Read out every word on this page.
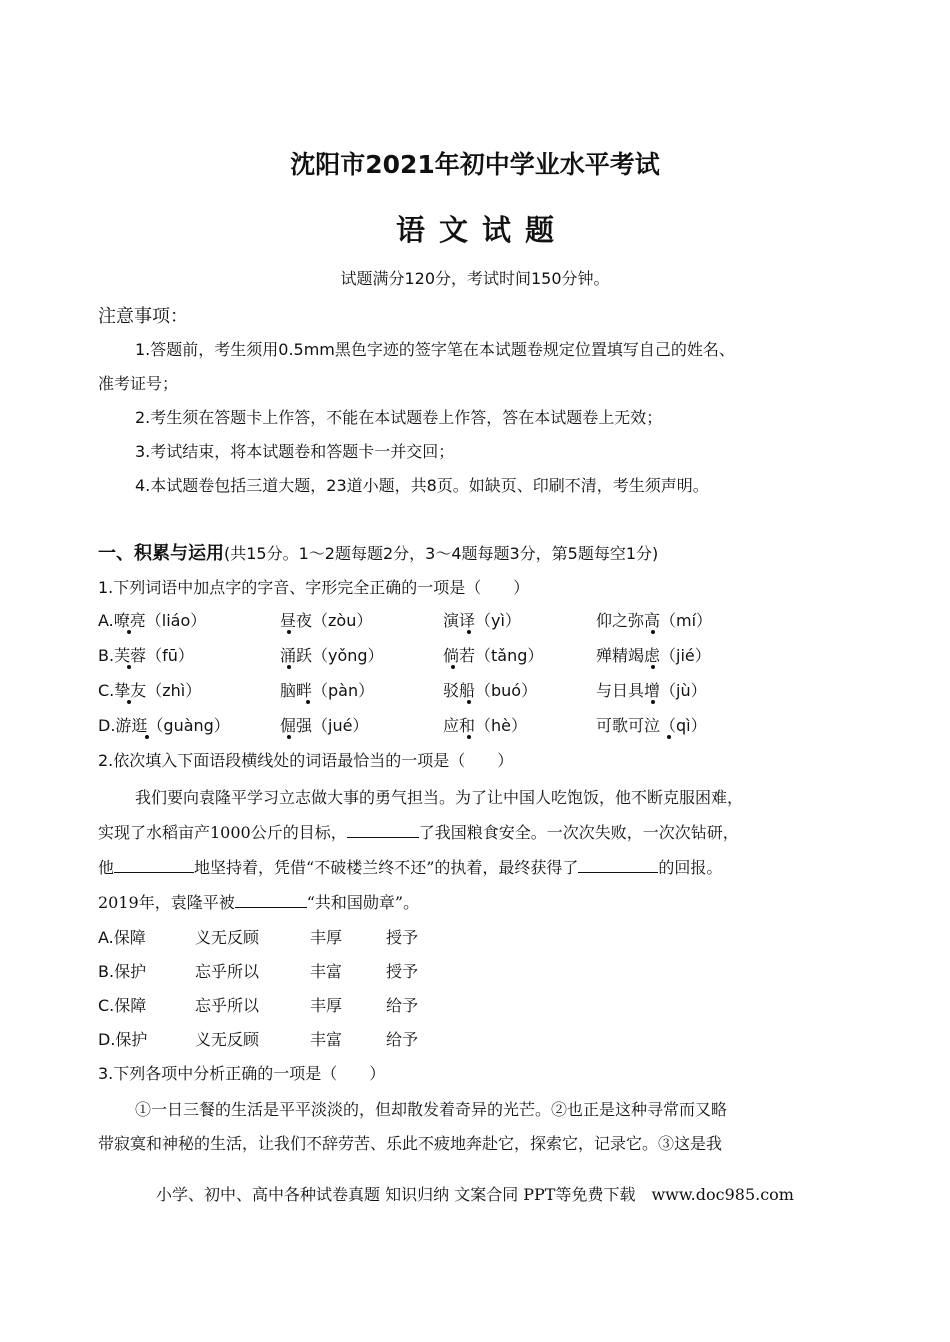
沈阳市2021年初中学业水平考试
语文试题
试题满分120分，考试时间150分钟。
注意事项：
1.答题前，考生须用0.5mm黑色字迹的签字笔在本试题卷规定位置填写自己的姓名、
准考证号；
2.考生须在答题卡上作答，不能在本试题卷上作答，答在本试题卷上无效；
3.考试结束，将本试题卷和答题卡一并交回；
4.本试题卷包括三道大题，23道小题，共8页。如缺页、印刷不清，考生须声明。
一、积累与运用(共15分。1～2题每题2分，3～4题每题3分，第5题每空1分)
1.下列词语中加点字的字音、字形完全正确的一项是（　　）
A.嘹亮（liáo）	昼夜（zòu）	演译（yì）	仰之弥高（mí）
B.芙蓉（fū）	涌跃（yǒng）	倘若（tǎng）	殚精竭虑（jié）
C.挚友（zhì）	脑畔（pàn）	驳船（buó）	与日具增（jù）
D.游逛（guàng）	倔强（jué）	应和（hè）	可歌可泣（qì）
2.依次填入下面语段横线处的词语最恰当的一项是（　　）
我们要向袁隆平学习立志做大事的勇气担当。为了让中国人吃饱饭，他不断克服困难，
实现了水稻亩产1000公斤的目标，	了我国粮食安全。一次次失败，一次次钻研，
他	地坚持着，凭借“不破楼兰终不还”的执着，最终获得了	的回报。
2019年，袁隆平被	“共和国勋章”。
A.保障	义无反顾	丰厚	授予
B.保护	忘乎所以	丰富	授予
C.保障	忘乎所以	丰厚	给予
D.保护	义无反顾	丰富	给予
3.下列各项中分析正确的一项是（　　）
①一日三餐的生活是平平淡淡的，但却散发着奇异的光芒。②也正是这种寻常而又略
带寂寞和神秘的生活，让我们不辞劳苦、乐此不疲地奔赴它，探索它，记录它。③这是我
小学、初中、高中各种试卷真题 知识归纳 文案合同 PPT等免费下载　www.doc985.com
